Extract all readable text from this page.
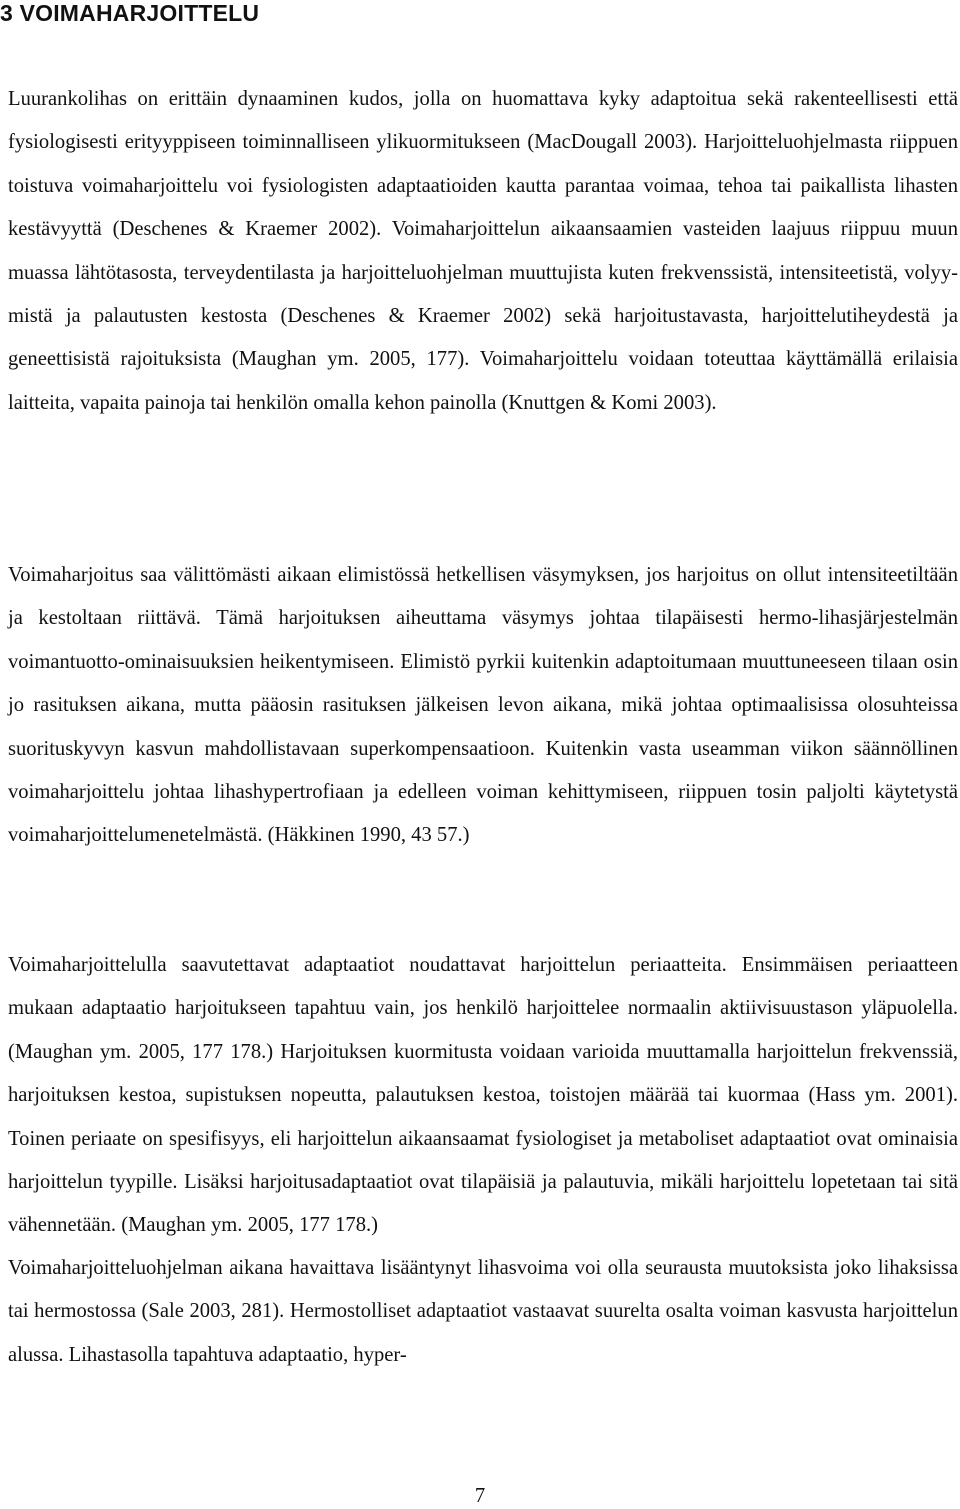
3 VOIMAHARJOITTELU

Luurankolihas on erittäin dynaaminen kudos, jolla on huomattava kyky adaptoitua sekä rakenteellisesti että fysiologisesti erityyppiseen toiminnalliseen ylikuormitukseen (MacDougall 2003). Harjoitteluohjelmasta riippuen toistuva voimaharjoittelu voi fysiologisten adaptaatioiden kautta parantaa voimaa, tehoa tai paikallista lihasten kestävyyttä (Deschenes & Kraemer 2002). Voimaharjoittelun aikaansaamien vasteiden laajuus riippuu muun muassa lähtötasosta, terveydentilasta ja harjoitteluohjelman muuttujista kuten frekvenssistä, intensiteetistä, volyymistä ja palautusten kestosta (Deschenes & Kraemer 2002) sekä harjoitustavasta, harjoittelutiheydestä ja geneettisistä rajoituksista (Maughan ym. 2005, 177). Voimaharjoittelu voidaan toteuttaa käyttämällä erilaisia laitteita, vapaita painoja tai henkilön omalla kehon painolla (Knuttgen & Komi 2003).

Voimaharjoitus saa välittömästi aikaan elimistössä hetkellisen väsymyksen, jos harjoitus on ollut intensiteetiltään ja kestoltaan riittävä. Tämä harjoituksen aiheuttama väsymys johtaa tilapäisesti hermo-lihasjärjestelmän voimantuotto-ominaisuuksien heikentymiseen. Elimistö pyrkii kuitenkin adaptoitumaan muuttuneeseen tilaan osin jo rasituksen aikana, mutta pääosin rasituksen jälkeisen levon aikana, mikä johtaa optimaalisissa olosuhteissa suorituskyvyn kasvun mahdollistavaan superkompensaatioon. Kuitenkin vasta useamman viikon säännöllinen voimaharjoittelu johtaa lihashypertrofiaan ja edelleen voiman kehittymiseen, riippuen tosin paljolti käytetystä voimaharjoittelumenetelmästä. (Häkkinen 1990, 43 57.)

Voimaharjoittelulla saavutettavat adaptaatiot noudattavat harjoittelun periaatteita. Ensimmäisen periaatteen mukaan adaptaatio harjoitukseen tapahtuu vain, jos henkilö harjoittelee normaalin aktiivisuustason yläpuolella. (Maughan ym. 2005, 177 178.) Harjoituksen kuormitusta voidaan varioida muuttamalla harjoittelun frekvenssiä, harjoituksen kestoa, supistuksen nopeutta, palautuksen kestoa, toistojen määrää tai kuormaa (Hass ym. 2001). Toinen periaate on spesifisyys, eli harjoittelun aikaansaamat fysiologiset ja metaboliset adaptaatiot ovat ominaisia harjoittelun tyypille. Lisäksi harjoitusadaptaatiot ovat tilapäisiä ja palautuvia, mikäli harjoittelu lopetetaan tai sitä vähennetään. (Maughan ym. 2005, 177 178.)

Voimaharjoitteluohjelman aikana havaittava lisääntynyt lihasvoima voi olla seurausta muutoksista joko lihaksissa tai hermostossa (Sale 2003, 281). Hermostolliset adaptaatiot vastaavat suurelta osalta voiman kasvusta harjoittelun alussa. Lihastasolla tapahtuva adaptaatio, hyper-

7
